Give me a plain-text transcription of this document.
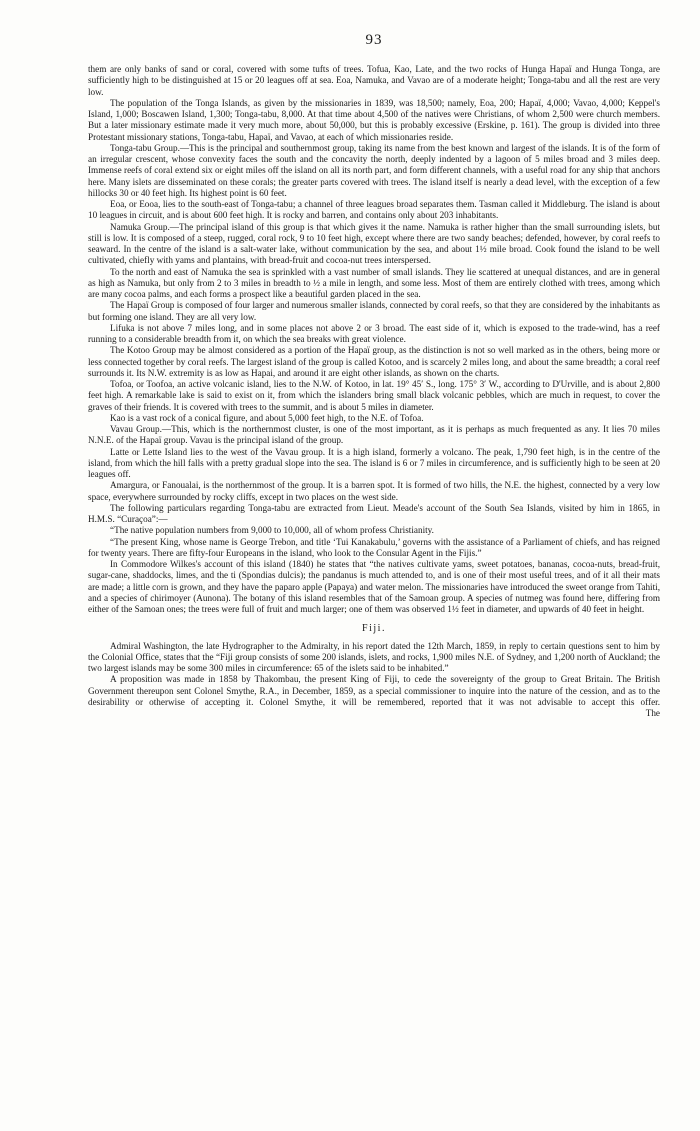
93

them are only banks of sand or coral, covered with some tufts of trees. Tofua, Kao, Late, and the two rocks of Hunga Hapaï and Hunga Tonga, are sufficiently high to be distinguished at 15 or 20 leagues off at sea. Eoa, Namuka, and Vavao are of a moderate height; Tonga-tabu and all the rest are very low.

The population of the Tonga Islands, as given by the missionaries in 1839, was 18,500; namely, Eoa, 200; Hapaï, 4,000; Vavao, 4,000; Keppel's Island, 1,000; Boscawen Island, 1,300; Tonga-tabu, 8,000. At that time about 4,500 of the natives were Christians, of whom 2,500 were church members. But a later missionary estimate made it very much more, about 50,000, but this is probably excessive (Erskine, p. 161). The group is divided into three Protestant missionary stations, Tonga-tabu, Hapaï, and Vavao, at each of which missionaries reside.

Tonga-tabu Group.—This is the principal and southernmost group, taking its name from the best known and largest of the islands. It is of the form of an irregular crescent, whose convexity faces the south and the concavity the north, deeply indented by a lagoon of 5 miles broad and 3 miles deep. Immense reefs of coral extend six or eight miles off the island on all its north part, and form different channels, with a useful road for any ship that anchors here. Many islets are disseminated on these corals; the greater parts covered with trees. The island itself is nearly a dead level, with the exception of a few hillocks 30 or 40 feet high. Its highest point is 60 feet.

Eoa, or Eooa, lies to the south-east of Tonga-tabu; a channel of three leagues broad separates them. Tasman called it Middleburg. The island is about 10 leagues in circuit, and is about 600 feet high. It is rocky and barren, and contains only about 203 inhabitants.

Namuka Group.—The principal island of this group is that which gives it the name. Namuka is rather higher than the small surrounding islets, but still is low. It is composed of a steep, rugged, coral rock, 9 to 10 feet high, except where there are two sandy beaches; defended, however, by coral reefs to seaward. In the centre of the island is a salt-water lake, without communication by the sea, and about 1½ mile broad. Cook found the island to be well cultivated, chiefly with yams and plantains, with bread-fruit and cocoa-nut trees interspersed.

To the north and east of Namuka the sea is sprinkled with a vast number of small islands. They lie scattered at unequal distances, and are in general as high as Namuka, but only from 2 to 3 miles in breadth to ½ a mile in length, and some less. Most of them are entirely clothed with trees, among which are many cocoa palms, and each forms a prospect like a beautiful garden placed in the sea.

The Hapaï Group is composed of four larger and numerous smaller islands, connected by coral reefs, so that they are considered by the inhabitants as but forming one island. They are all very low.

Lifuka is not above 7 miles long, and in some places not above 2 or 3 broad. The east side of it, which is exposed to the trade-wind, has a reef running to a considerable breadth from it, on which the sea breaks with great violence.

The Kotoo Group may be almost considered as a portion of the Hapaï group, as the distinction is not so well marked as in the others, being more or less connected together by coral reefs. The largest island of the group is called Kotoo, and is scarcely 2 miles long, and about the same breadth; a coral reef surrounds it. Its N.W. extremity is as low as Hapai, and around it are eight other islands, as shown on the charts.

Tofoa, or Toofoa, an active volcanic island, lies to the N.W. of Kotoo, in lat. 19° 45′ S., long. 175° 3′ W., according to D'Urville, and is about 2,800 feet high. A remarkable lake is said to exist on it, from which the islanders bring small black volcanic pebbles, which are much in request, to cover the graves of their friends. It is covered with trees to the summit, and is about 5 miles in diameter.

Kao is a vast rock of a conical figure, and about 5,000 feet high, to the N.E. of Tofoa.

Vavau Group.—This, which is the northernmost cluster, is one of the most important, as it is perhaps as much frequented as any. It lies 70 miles N.N.E. of the Hapaï group. Vavau is the principal island of the group.

Latte or Lette Island lies to the west of the Vavau group. It is a high island, formerly a volcano. The peak, 1,790 feet high, is in the centre of the island, from which the hill falls with a pretty gradual slope into the sea. The island is 6 or 7 miles in circumference, and is sufficiently high to be seen at 20 leagues off.

Amargura, or Fanoualai, is the northernmost of the group. It is a barren spot. It is formed of two hills, the N.E. the highest, connected by a very low space, everywhere surrounded by rocky cliffs, except in two places on the west side.

The following particulars regarding Tonga-tabu are extracted from Lieut. Meade's account of the South Sea Islands, visited by him in 1865, in H.M.S. “Curaçoa”:—

“The native population numbers from 9,000 to 10,000, all of whom profess Christianity.

“The present King, whose name is George Trebon, and title ‘Tui Kanakabulu,’ governs with the assistance of a Parliament of chiefs, and has reigned for twenty years. There are fifty-four Europeans in the island, who look to the Consular Agent in the Fijis.”

In Commodore Wilkes's account of this island (1840) he states that “the natives cultivate yams, sweet potatoes, bananas, cocoa-nuts, bread-fruit, sugar-cane, shaddocks, limes, and the ti (Spondias dulcis); the pandanus is much attended to, and is one of their most useful trees, and of it all their mats are made; a little corn is grown, and they have the paparo apple (Papaya) and water melon. The missionaries have introduced the sweet orange from Tahiti, and a species of chirimoyer (Aunona). The botany of this island resembles that of the Samoan group. A species of nutmeg was found here, differing from either of the Samoan ones; the trees were full of fruit and much larger; one of them was observed 1½ feet in diameter, and upwards of 40 feet in height.

Fiji.

Admiral Washington, the late Hydrographer to the Admiralty, in his report dated the 12th March, 1859, in reply to certain questions sent to him by the Colonial Office, states that the “Fiji group consists of some 200 islands, islets, and rocks, 1,900 miles N.E. of Sydney, and 1,200 north of Auckland; the two largest islands may be some 300 miles in circumference: 65 of the islets said to be inhabited.”

A proposition was made in 1858 by Thakombau, the present King of Fiji, to cede the sovereignty of the group to Great Britain. The British Government thereupon sent Colonel Smythe, R.A., in December, 1859, as a special commissioner to inquire into the nature of the cession, and as to the desirability or otherwise of accepting it. Colonel Smythe, it will be remembered, reported that it was not advisable to accept this offer.

The
